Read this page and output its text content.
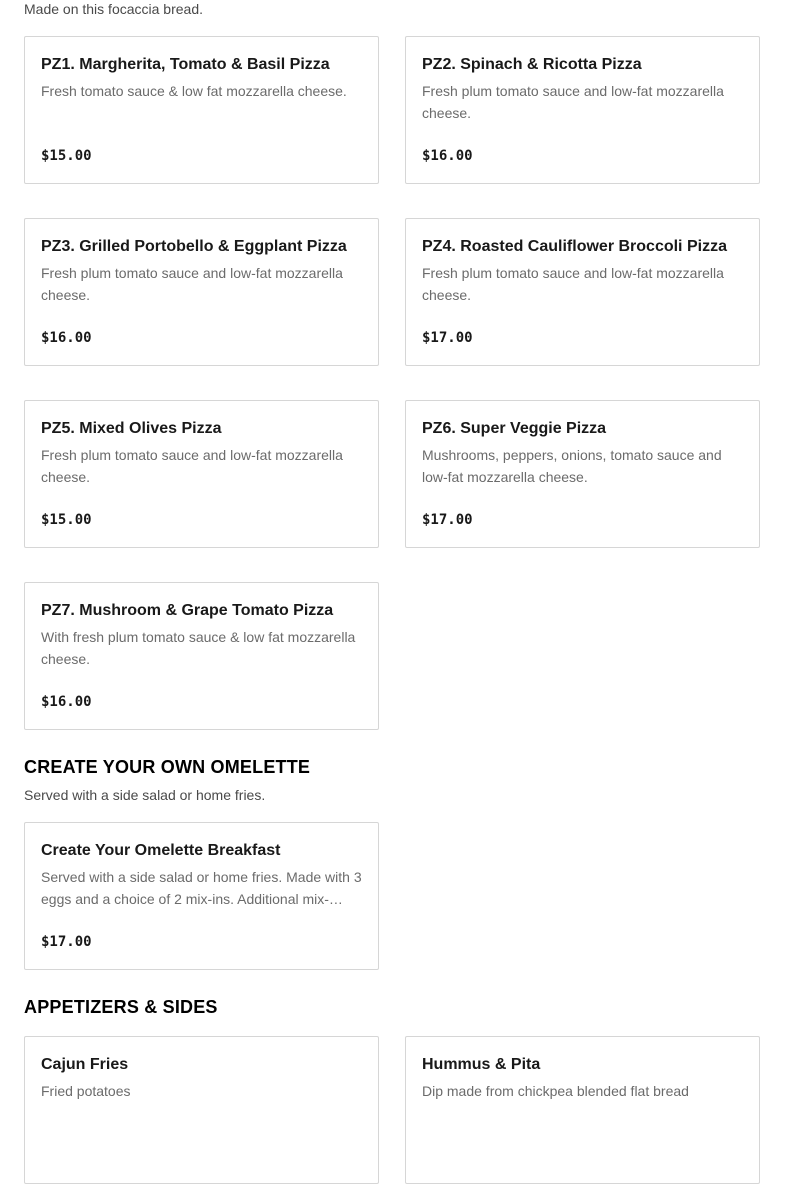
Made on this focaccia bread.

PZ1. Margherita, Tomato & Basil Pizza

Fresh tomato sauce & low fat mozzarella cheese.

$15.00

PZ2. Spinach & Ricotta Pizza

Fresh plum tomato sauce and low-fat mozzarella cheese.

$16.00

PZ3. Grilled Portobello & Eggplant Pizza

Fresh plum tomato sauce and low-fat mozzarella cheese.

$16.00

PZ4. Roasted Cauliflower Broccoli Pizza

Fresh plum tomato sauce and low-fat mozzarella cheese.

$17.00

PZ5. Mixed Olives Pizza

Fresh plum tomato sauce and low-fat mozzarella cheese.

$15.00

PZ6. Super Veggie Pizza

Mushrooms, peppers, onions, tomato sauce and low-fat mozzarella cheese.

$17.00

PZ7. Mushroom & Grape Tomato Pizza

With fresh plum tomato sauce & low fat mozzarella cheese.

$16.00
CREATE YOUR OWN OMELETTE

Served with a side salad or home fries.

Create Your Omelette Breakfast

Served with a side salad or home fries. Made with 3 eggs and a choice of 2 mix-ins. Additional mix-…

$17.00
APPETIZERS & SIDES

Cajun Fries

Fried potatoes

Hummus & Pita

Dip made from chickpea blended flat bread
